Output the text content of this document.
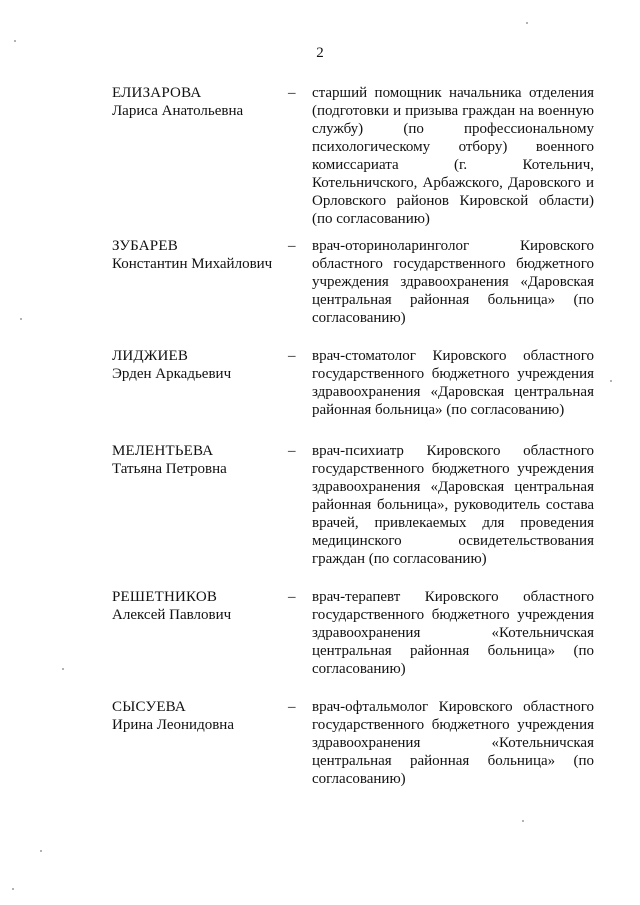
2
ЕЛИЗАРОВА
Лариса Анатольевна
– старший помощник начальника отделения (подготовки и призыва граждан на военную службу) (по профессиональному психологическому отбору) военного комиссариата (г. Котельнич, Котельничского, Арбажского, Даровского и Орловского районов Кировской области) (по согласованию)
ЗУБАРЕВ
Константин Михайлович
– врач-оториноларинголог Кировского областного государственного бюджетного учреждения здравоохранения «Даровская центральная районная больница» (по согласованию)
ЛИДЖИЕВ
Эрден Аркадьевич
– врач-стоматолог Кировского областного государственного бюджетного учреждения здравоохранения «Даровская центральная районная больница» (по согласованию)
МЕЛЕНТЬЕВА
Татьяна Петровна
– врач-психиатр Кировского областного государственного бюджетного учреждения здравоохранения «Даровская центральная районная больница», руководитель состава врачей, привлекаемых для проведения медицинского освидетельствования граждан (по согласованию)
РЕШЕТНИКОВ
Алексей Павлович
– врач-терапевт Кировского областного государственного бюджетного учреждения здравоохранения «Котельничская центральная районная больница» (по согласованию)
СЫСУЕВА
Ирина Леонидовна
– врач-офтальмолог Кировского областного государственного бюджетного учреждения здравоохранения «Котельничская центральная районная больница» (по согласованию)
